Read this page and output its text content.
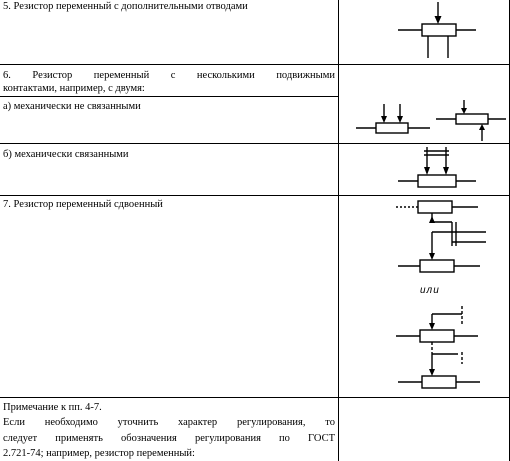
5. Резистор переменный с дополнительными отводами
6. Резистор переменный с несколькими подвижными
контактами, например, с двумя:
а) механически не связанными
б) механически связанными
7. Резистор переменный сдвоенный
или
Примечание к пп. 4-7.
Если необходимо уточнить характер регулирования, то
следует применять обозначения регулирования по ГОСТ
2.721-74; например, резистор переменный:
